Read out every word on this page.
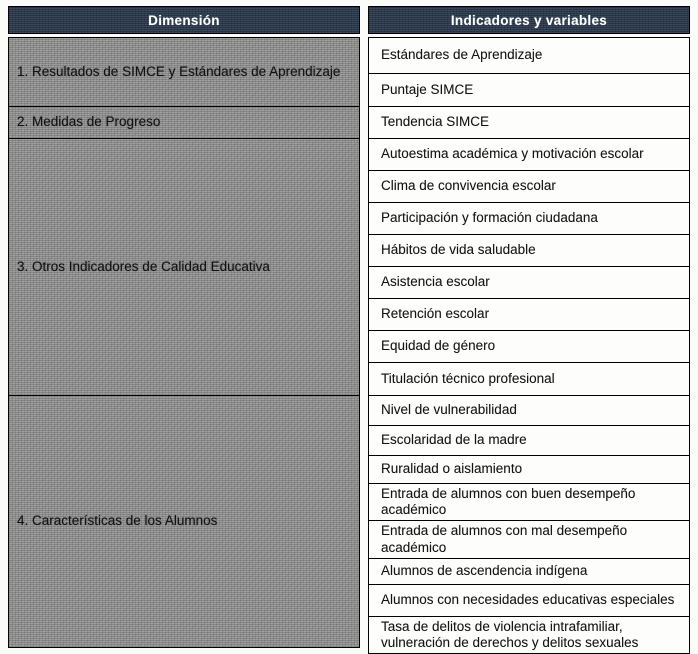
Dimensión	Indicadores y variables
1. Resultados de SIMCE y Estándares de Aprendizaje
2. Medidas de Progreso
3. Otros Indicadores de Calidad Educativa
4. Características de los Alumnos
Estándares de Aprendizaje
Puntaje SIMCE
Tendencia SIMCE
Autoestima académica y motivación escolar
Clima de convivencia escolar
Participación y formación ciudadana
Hábitos de vida saludable
Asistencia escolar
Retención escolar
Equidad de género
Titulación técnico profesional
Nivel de vulnerabilidad
Escolaridad de la madre
Ruralidad o aislamiento
Entrada de alumnos con buen desempeño académico
Entrada de alumnos con mal desempeño académico
Alumnos de ascendencia indígena
Alumnos con necesidades educativas especiales
Tasa de delitos de violencia intrafamiliar, vulneración de derechos y delitos sexuales
